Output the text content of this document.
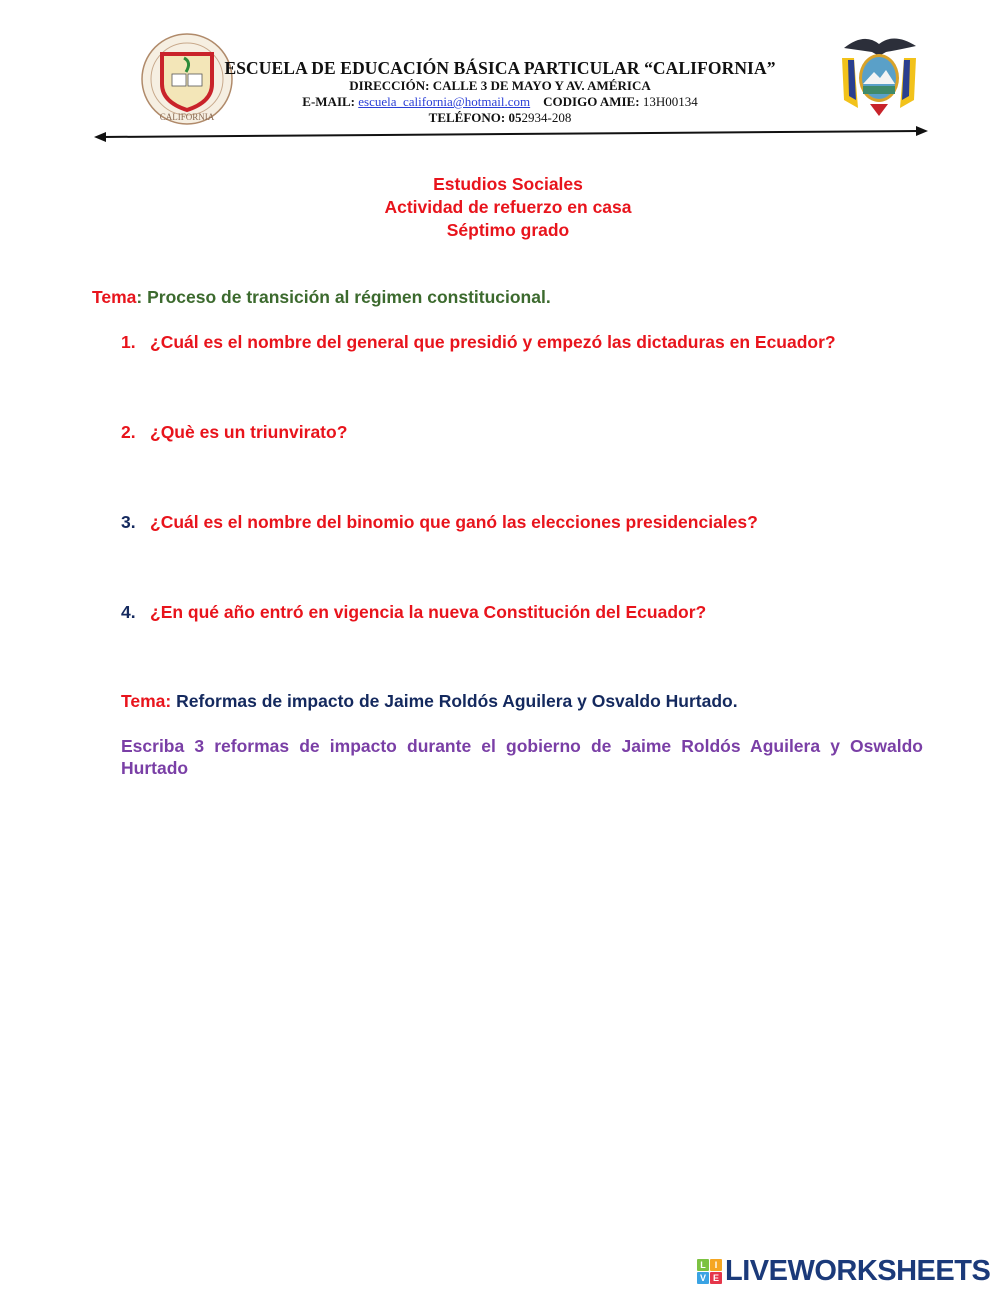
CALIFORNIA
ESCUELA DE EDUCACIÓN BÁSICA PARTICULAR “CALIFORNIA”
DIRECCIÓN: CALLE 3 DE MAYO Y AV. AMÉRICA
E-MAIL: escuela_california@hotmail.com CODIGO AMIE: 13H00134
TELÉFONO: 052934-208
Estudios Sociales
Actividad de refuerzo en casa
Séptimo grado
Tema: Proceso de transición al régimen constitucional.
1. ¿Cuál es el nombre del general que presidió y empezó las dictaduras en Ecuador?
2. ¿Què es un triunvirato?
3. ¿Cuál es el nombre del binomio que ganó las elecciones presidenciales?
4. ¿En qué año entró en vigencia la nueva Constitución del Ecuador?
Tema: Reformas de impacto de Jaime Roldós Aguilera y Osvaldo Hurtado.
Escriba 3 reformas de impacto durante el gobierno de Jaime Roldós Aguilera y Oswaldo Hurtado
L I
V E LIVEWORKSHEETS
